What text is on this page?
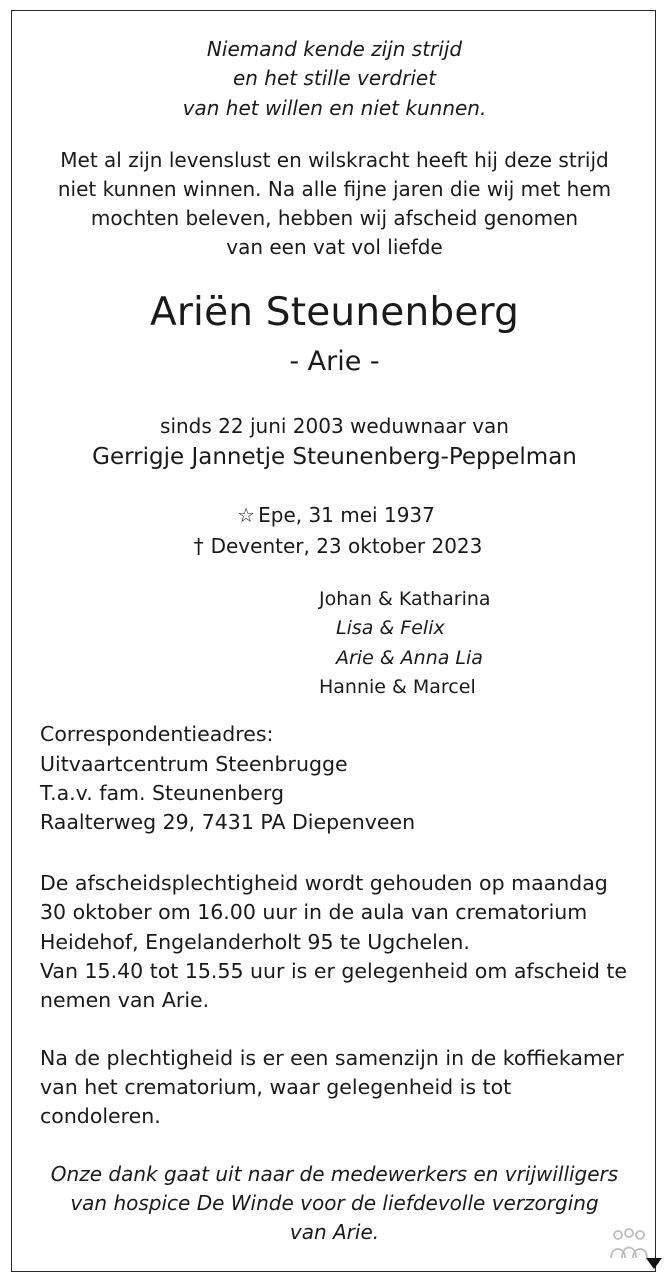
Niemand kende zijn strijd
en het stille verdriet
van het willen en niet kunnen.
Met al zijn levenslust en wilskracht heeft hij deze strijd
niet kunnen winnen. Na alle fijne jaren die wij met hem
mochten beleven, hebben wij afscheid genomen
van een vat vol liefde
Ariën Steunenberg
- Arie -
sinds 22 juni 2003 weduwnaar van
Gerrigje Jannetje Steunenberg-Peppelman
☆ Epe, 31 mei 1937
† Deventer, 23 oktober 2023
Johan & Katharina
Lisa & Felix
Arie & Anna Lia
Hannie & Marcel
Correspondentieadres:
Uitvaartcentrum Steenbrugge
T.a.v. fam. Steunenberg
Raalterweg 29, 7431 PA Diepenveen
De afscheidsplechtigheid wordt gehouden op maandag
30 oktober om 16.00 uur in de aula van crematorium
Heidehof, Engelanderholt 95 te Ugchelen.
Van 15.40 tot 15.55 uur is er gelegenheid om afscheid te
nemen van Arie.
Na de plechtigheid is er een samenzijn in de koffiekamer
van het crematorium, waar gelegenheid is tot
condoleren.
Onze dank gaat uit naar de medewerkers en vrijwilligers
van hospice De Winde voor de liefdevolle verzorging
van Arie.
